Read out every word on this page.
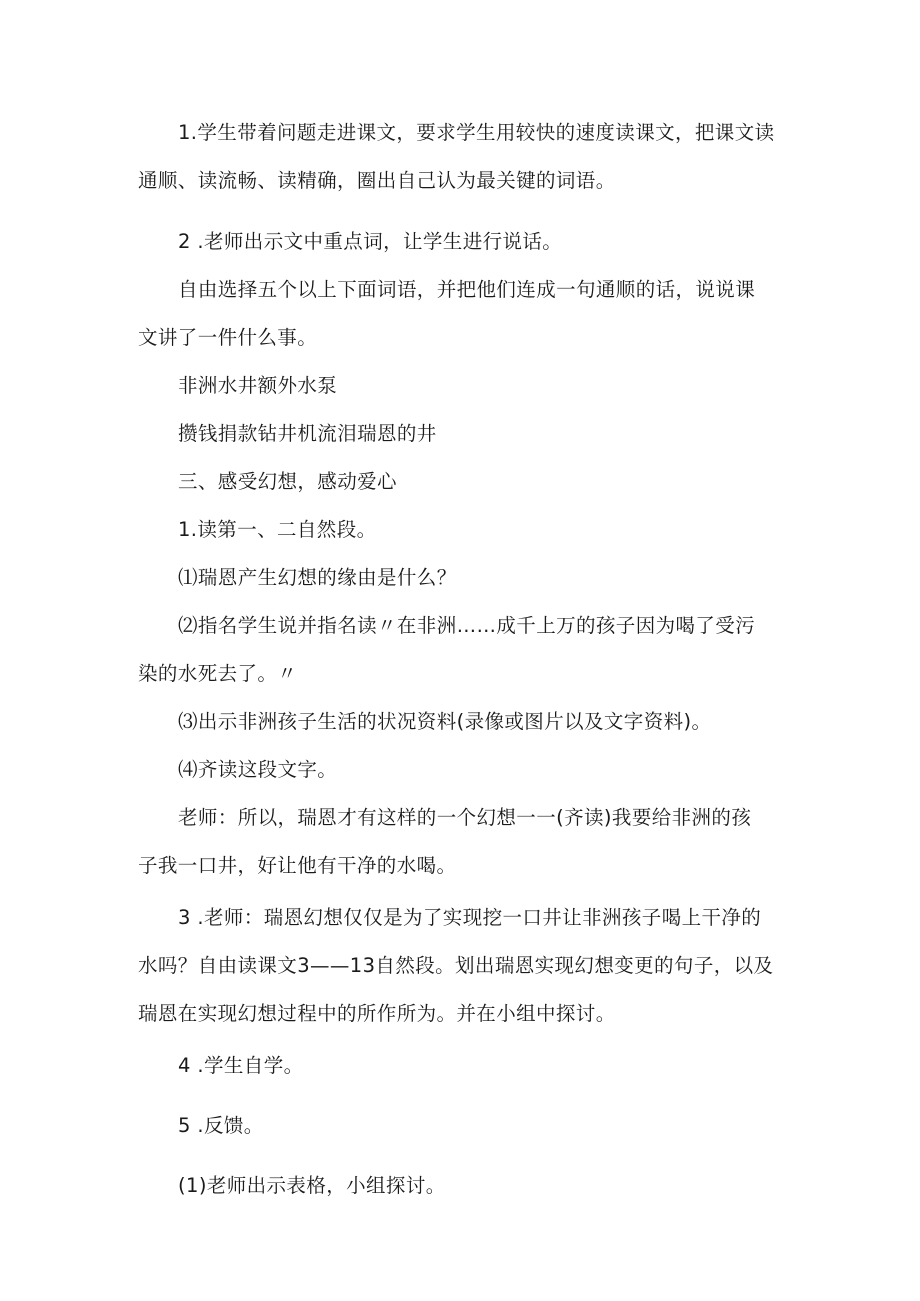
1.学生带着问题走进课文，要求学生用较快的速度读课文，把课文读
通顺、读流畅、读精确，圈出自己认为最关键的词语。
2 .老师出示文中重点词，让学生进行说话。
自由选择五个以上下面词语，并把他们连成一句通顺的话，说说课
文讲了一件什么事。
非洲水井额外水泵
攒钱捐款钻井机流泪瑞恩的井
三、感受幻想，感动爱心
1.读第一、二自然段。
⑴瑞恩产生幻想的缘由是什么？
⑵指名学生说并指名读〃在非洲……成千上万的孩子因为喝了受污
染的水死去了。〃
⑶出示非洲孩子生活的状况资料(录像或图片以及文字资料)。
⑷齐读这段文字。
老师：所以，瑞恩才有这样的一个幻想一一(齐读)我要给非洲的孩
子我一口井，好让他有干净的水喝。
3 .老师：瑞恩幻想仅仅是为了实现挖一口井让非洲孩子喝上干净的
水吗？自由读课文3——13自然段。划出瑞恩实现幻想变更的句子，以及
瑞恩在实现幻想过程中的所作所为。并在小组中探讨。
4 .学生自学。
5 .反馈。
(1)老师出示表格，小组探讨。
